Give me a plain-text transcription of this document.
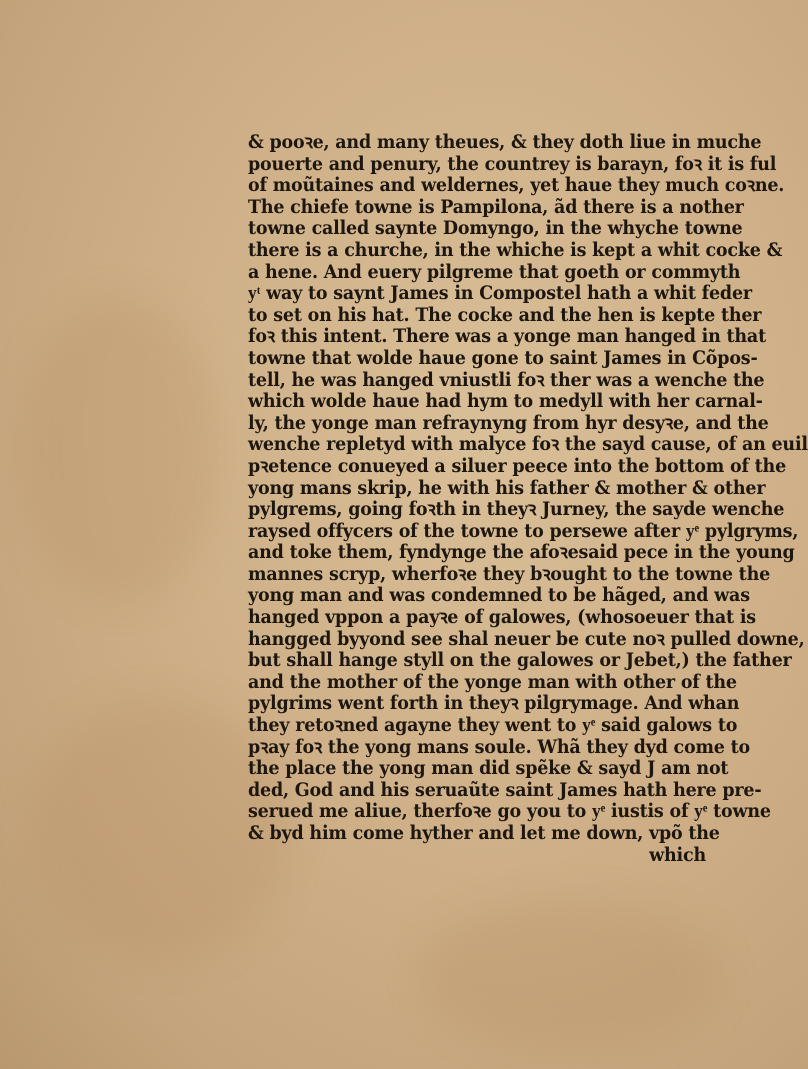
& pooꝛe, and many theues, & they doth liue in muche
pouerte and penury, the countrey is barayn, foꝛ it is ful
of moũtaines and weldernes, yet haue they much coꝛne.
The chiefe towne is Pampilona, ãd there is a nother
towne called saynte Domyngo, in the whyche towne
there is a churche, in the whiche is kept a whit cocke &
a hene. And euery pilgreme that goeth or commyth
yͭ way to saynt James in Compostel hath a whit feder
to set on his hat. The cocke and the hen is kepte ther
foꝛ this intent. There was a yonge man hanged in that
towne that wolde haue gone to saint James in Cõpos-
tell, he was hanged vniustli foꝛ ther was a wenche the
which wolde haue had hym to medyll with her carnal-
ly, the yonge man refraynyng from hyr desyꝛe, and the
wenche repletyd with malyce foꝛ the sayd cause, of an euil
pꝛetence conueyed a siluer peece into the bottom of the
yong mans skrip, he with his father & mother & other
pylgrems, going foꝛth in theyꝛ Jurney, the sayde wenche
raysed offycers of the towne to persewe after yͤ pylgryms,
and toke them, fyndynge the afoꝛesaid pece in the young
mannes scryp, wherfoꝛe they bꝛought to the towne the
yong man and was condemned to be hãged, and was
hanged vppon a payꝛe of galowes, (whosoeuer that is
hangged byyond see shal neuer be cute noꝛ pulled downe,
but shall hange styll on the galowes or Jebet,) the father
and the mother of the yonge man with other of the
pylgrims went forth in theyꝛ pilgrymage. And whan
they retoꝛned agayne they went to yͤ said galows to
pꝛay foꝛ the yong mans soule. Whã they dyd come to
the place the yong man did spẽke & sayd J am not
ded, God and his seruaũte saint James hath here pre-
serued me aliue, therfoꝛe go you to yͤ iustis of yͤ towne
& byd him come hyther and let me down, vpõ the
which
